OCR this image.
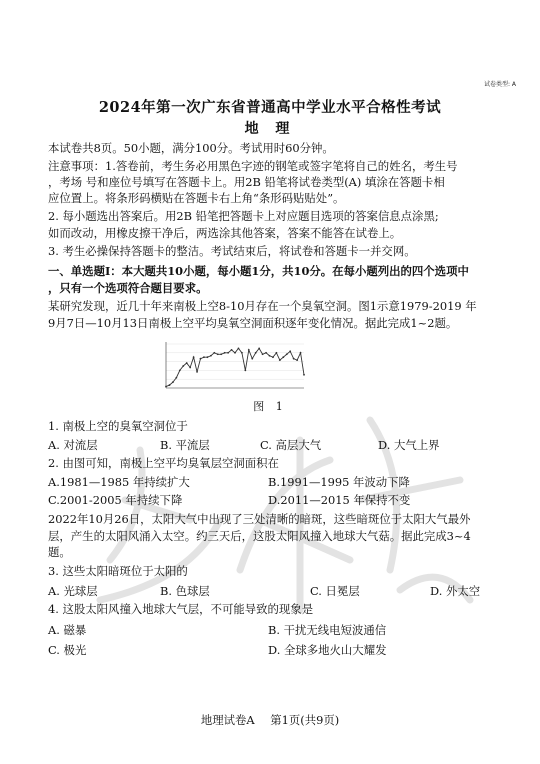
试卷类型: A
2024年第一次广东省普通高中学业水平合格性考试
地 理
本试卷共8页。50小题，满分100分。考试用时60分钟。
注意事项：1.答卷前，考生务必用黑色字迹的钢笔或签字笔将自己的姓名，考生号
，考场 号和座位号填写在答题卡上。用2B 铅笔将试卷类型(A) 填涂在答题卡相
应位置上。将条形码横贴在答题卡右上角“条形码贴贴处”。
2. 每小题选出答案后。用2B 铅笔把答题卡上对应题目选项的答案信息点涂黑;
如而改动，用橡皮擦干净后，两选涂其他答案，答案不能答在试卷上。
3. 考生必操保持答题卡的整洁。考试结束后，将试卷和答题卡一并交网。
一、单选题Ⅰ：本大题共10小题，每小题1分，共10分。在每小题列出的四个选项中
，只有一个选项符合题目要求。
某研究发现，近几十年来南极上空8-10月存在一个臭氧空洞。图1示意1979-2019 年
9月7日—10月13日南极上空平均臭氧空洞面积逐年变化情况。据此完成1~2题。
图 1
1. 南极上空的臭氧空洞位于
A. 对流层	B. 平流层	C. 高层大气	D. 大气上界
2. 由图可知，南极上空平均臭氧层空洞面积在
A.1981—1985 年持续扩大	B.1991—1995 年波动下降
C.2001-2005 年持续下降	D.2011—2015 年保持不变
2022年10月26日，太阳大气中出现了三处清晰的暗斑，这些暗斑位于太阳大气最外
层，产生的太阳风涌入太空。约三天后，这股太阳风撞入地球大气菇。据此完成3~4
题。
3. 这些太阳暗斑位于太阳的
A. 光球层	B. 色球层	C. 日冕层	D. 外太空
4. 这股太阳风撞入地球大气层，不可能导致的现象是
A. 磁暴	B. 干扰无线电短波通信
C. 极光	D. 全球多地火山大耀发
地理试卷A 第1页(共9页)
